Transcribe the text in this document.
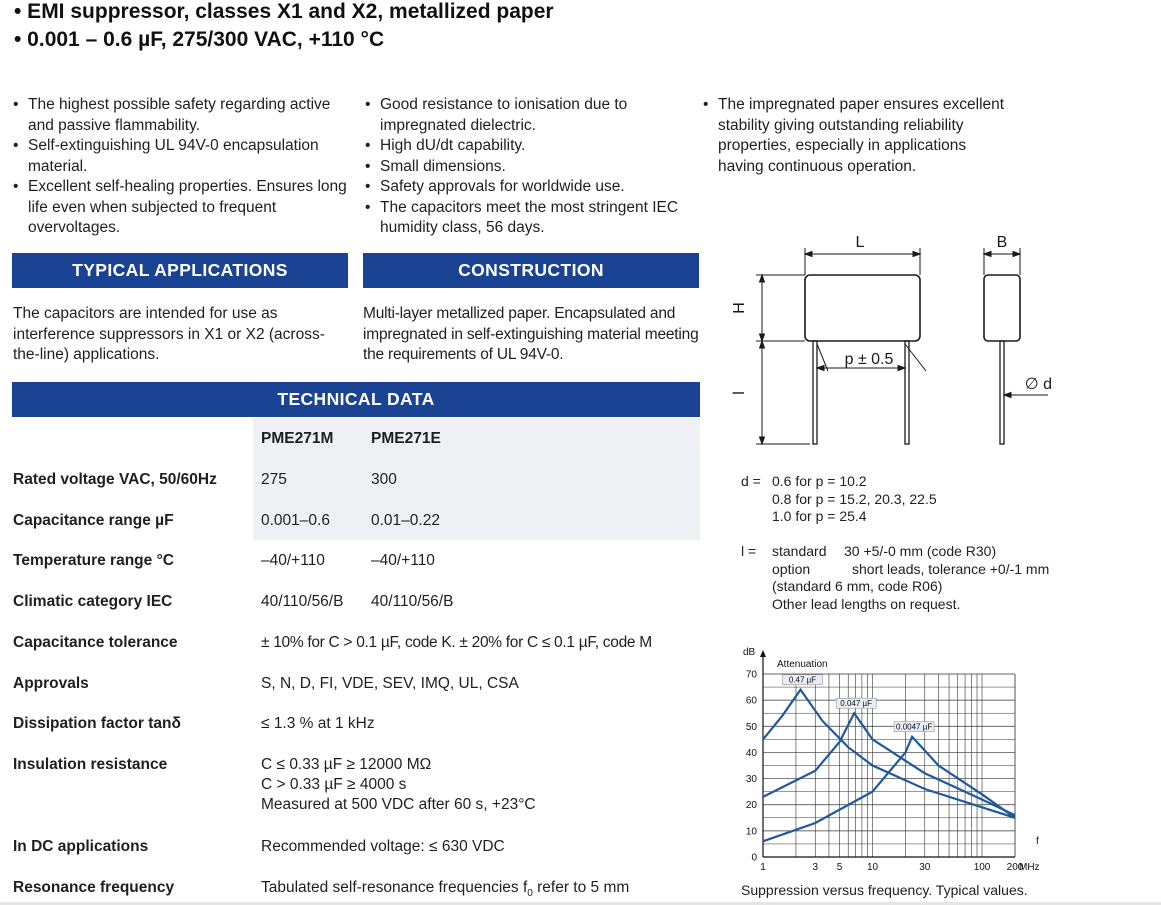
• EMI suppressor, classes X1 and X2, metallized paper
• 0.001 – 0.6 µF, 275/300 VAC, +110 °C
• The highest possible safety regarding active and passive flammability.
• Self-extinguishing UL 94V-0 encapsulation material.
• Excellent self-healing properties. Ensures long life even when subjected to frequent overvoltages.
• Good resistance to ionisation due to impregnated dielectric.
• High dU/dt capability.
• Small dimensions.
• Safety approvals for worldwide use.
• The capacitors meet the most stringent IEC humidity class, 56 days.
• The impregnated paper ensures excellent stability giving outstanding reliability properties, especially in applications having continuous operation.
TYPICAL APPLICATIONS	CONSTRUCTION
The capacitors are intended for use as interference suppressors in X1 or X2 (across-the-line) applications.
Multi-layer metallized paper. Encapsulated and impregnated in self-extinguishing material meeting the requirements of UL 94V-0.
TECHNICAL DATA
PME271M PME271E
Rated voltage VAC, 50/60Hz	275	300
Capacitance range µF	0.001–0.6	0.01–0.22
Temperature range °C	–40/+110	–40/+110
Climatic category IEC	40/110/56/B 40/110/56/B
Capacitance tolerance	± 10% for C > 0.1 µF, code K. ± 20% for C ≤ 0.1 µF, code M
Approvals	S, N, D, FI, VDE, SEV, IMQ, UL, CSA
Dissipation factor tanδ	≤ 1.3 % at 1 kHz
Insulation resistance	C ≤ 0.33 µF ≥ 12000 MΩ
C > 0.33 µF ≥ 4000 s
Measured at 500 VDC after 60 s, +23°C
In DC applications	Recommended voltage: ≤ 630 VDC
Resonance frequency	Tabulated self-resonance frequencies $f_0$ refer to 5 mm
L	B
H
l
p ± 0.5
∅ d
d = 0.6 for p = 10.2
0.8 for p = 15.2, 20.3, 22.5
1.0 for p = 25.4
l = standard 30 +5/-0 mm (code R30)
option	short leads, tolerance +0/-1 mm
(standard 6 mm, code R06)
Other lead lengths on request.
0
10
20
30
40
50
60
70
1	3 5 10	30	100 200
dB
Attenuation
f
MHz
0.47 µF
0.047 µF
0.0047 µF
Suppression versus frequency. Typical values.
